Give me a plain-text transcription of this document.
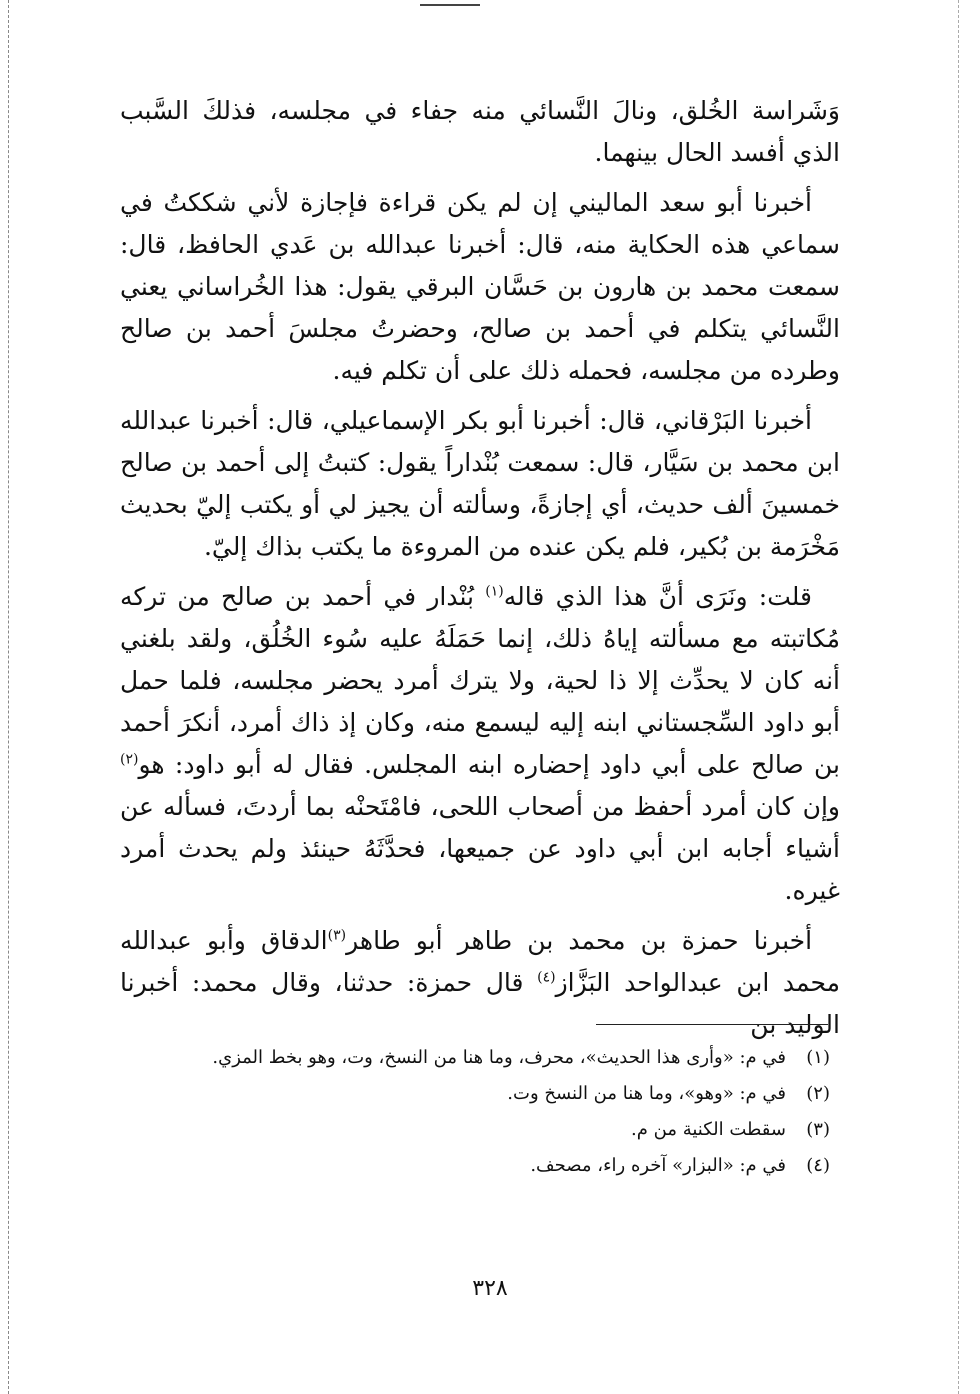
وَشَراسة الخُلق، ونالَ النَّسائي منه جفاء في مجلسه، فذلكَ السَّبب الذي أفسد الحال بينهما.

أخبرنا أبو سعد الماليني إن لم يكن قراءة فإجازة لأني شككتُ في سماعي هذه الحكاية منه، قال: أخبرنا عبدالله بن عَدي الحافظ، قال: سمعت محمد بن هارون بن حَسَّان البرقي يقول: هذا الخُراساني يعني النَّسائي يتكلم في أحمد بن صالح، وحضرتُ مجلسَ أحمد بن صالح وطرده من مجلسه، فحمله ذلك على أن تكلم فيه.

أخبرنا البَرْقاني، قال: أخبرنا أبو بكر الإسماعيلي، قال: أخبرنا عبدالله ابن محمد بن سَيَّار، قال: سمعت بُنْداراً يقول: كتبتُ إلى أحمد بن صالح خمسينَ ألف حديث، أي إجازةً، وسألته أن يجيز لي أو يكتب إليّ بحديث مَخْرَمة بن بُكير، فلم يكن عنده من المروءة ما يكتب بذاك إليّ.

قلت: ونَرَى أنَّ هذا الذي قاله$^{(١)}$ بُنْدار في أحمد بن صالح من تركه مُكاتبته مع مسألته إياهُ ذلك، إنما حَمَلَهُ عليه سُوء الخُلُق، ولقد بلغني أنه كان لا يحدِّث إلا ذا لحية، ولا يترك أمرد يحضر مجلسه، فلما حمل أبو داود السِّجستاني ابنه إليه ليسمع منه، وكان إذ ذاك أمرد، أنكرَ أحمد بن صالح على أبي داود إحضاره ابنه المجلس. فقال له أبو داود: هو$^{(٢)}$ وإن كان أمرد أحفظ من أصحاب اللحى، فامْتَحنْه بما أردتَ، فسأله عن أشياء أجابه ابن أبي داود عن جميعها، فحدَّثَهُ حينئذ ولم يحدث أمرد غيره.

أخبرنا حمزة بن محمد بن طاهر أبو طاهر$^{(٣)}$الدقاق وأبو عبدالله محمد ابن عبدالواحد البَزَّاز$^{(٤)}$ قال حمزة: حدثنا، وقال محمد: أخبرنا الوليد بن

(١)في م: «وأرى هذا الحديث»، محرف، وما هنا من النسخ، وت، وهو بخط المزي.
(٢)في م: «وهو»، وما هنا من النسخ وت.
(٣)سقطت الكنية من م.
(٤)في م: «البزار» آخره راء، مصحف.
٣٢٨
